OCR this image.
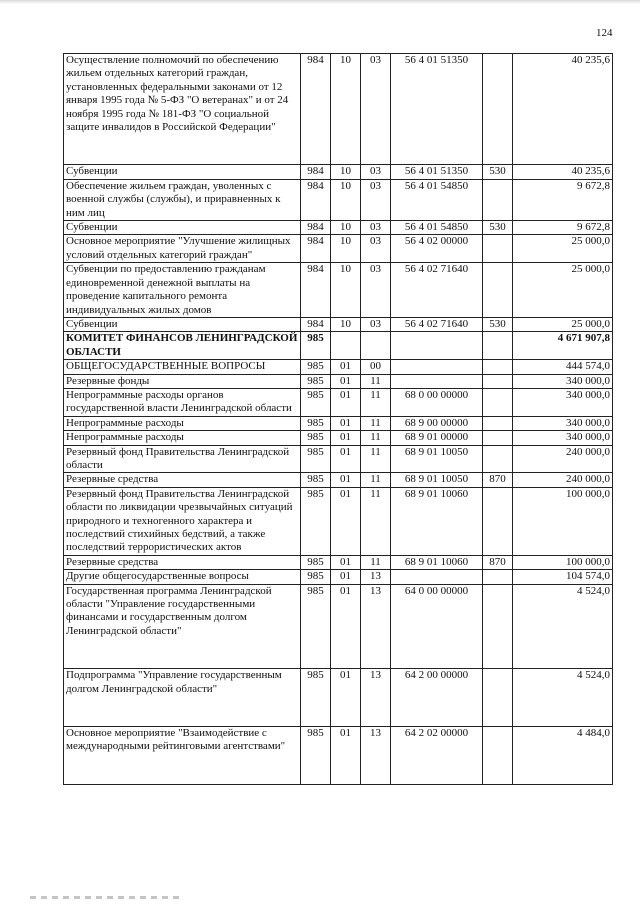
124
Осуществление полномочий по обеспечению жильем отдельных категорий граждан, установленных федеральными законами от 12 января 1995 года № 5-ФЗ "О ветеранах" и от 24 ноября 1995 года № 181-ФЗ "О социальной защите инвалидов в Российской Федерации"	984	10	03	56 4 01 51350		40 235,6

Субвенции	984	10	03	56 4 01 51350	530	40 235,6
Обеспечение жильем граждан, уволенных с военной службы (службы), и приравненных к ним лиц	984	10	03	56 4 01 54850		9 672,8
Субвенции	984	10	03	56 4 01 54850	530	9 672,8
Основное мероприятие "Улучшение жилищных условий отдельных категорий граждан"	984	10	03	56 4 02 00000		25 000,0
Субвенции по предоставлению гражданам единовременной денежной выплаты на проведение капитального ремонта индивидуальных жилых домов	984	10	03	56 4 02 71640		25 000,0
Субвенции	984	10	03	56 4 02 71640	530	25 000,0
КОМИТЕТ ФИНАНСОВ ЛЕНИНГРАДСКОЙ ОБЛАСТИ	985					4 671 907,8
ОБЩЕГОСУДАРСТВЕННЫЕ ВОПРОСЫ	985	01	00			444 574,0
Резервные фонды	985	01	11			340 000,0
Непрограммные расходы органов государственной власти Ленинградской области	985	01	11	68 0 00 00000		340 000,0
Непрограммные расходы	985	01	11	68 9 00 00000		340 000,0
Непрограммные расходы	985	01	11	68 9 01 00000		340 000,0
Резервный фонд Правительства Ленинградской области	985	01	11	68 9 01 10050		240 000,0
Резервные средства	985	01	11	68 9 01 10050	870	240 000,0
Резервный фонд Правительства Ленинградской области по ликвидации чрезвычайных ситуаций природного и техногенного характера и последствий стихийных бедствий, а также последствий террористических актов	985	01	11	68 9 01 10060		100 000,0
Резервные средства	985	01	11	68 9 01 10060	870	100 000,0
Другие общегосударственные вопросы	985	01	13			104 574,0
Государственная программа Ленинградской области "Управление государственными финансами и государственным долгом Ленинградской области"	985	01	13	64 0 00 00000		4 524,0

Подпрограмма "Управление государственным долгом Ленинградской области"	985	01	13	64 2 00 00000		4 524,0

Основное мероприятие "Взаимодействие с международными рейтинговыми агентствами"	985	01	13	64 2 02 00000		4 484,0
